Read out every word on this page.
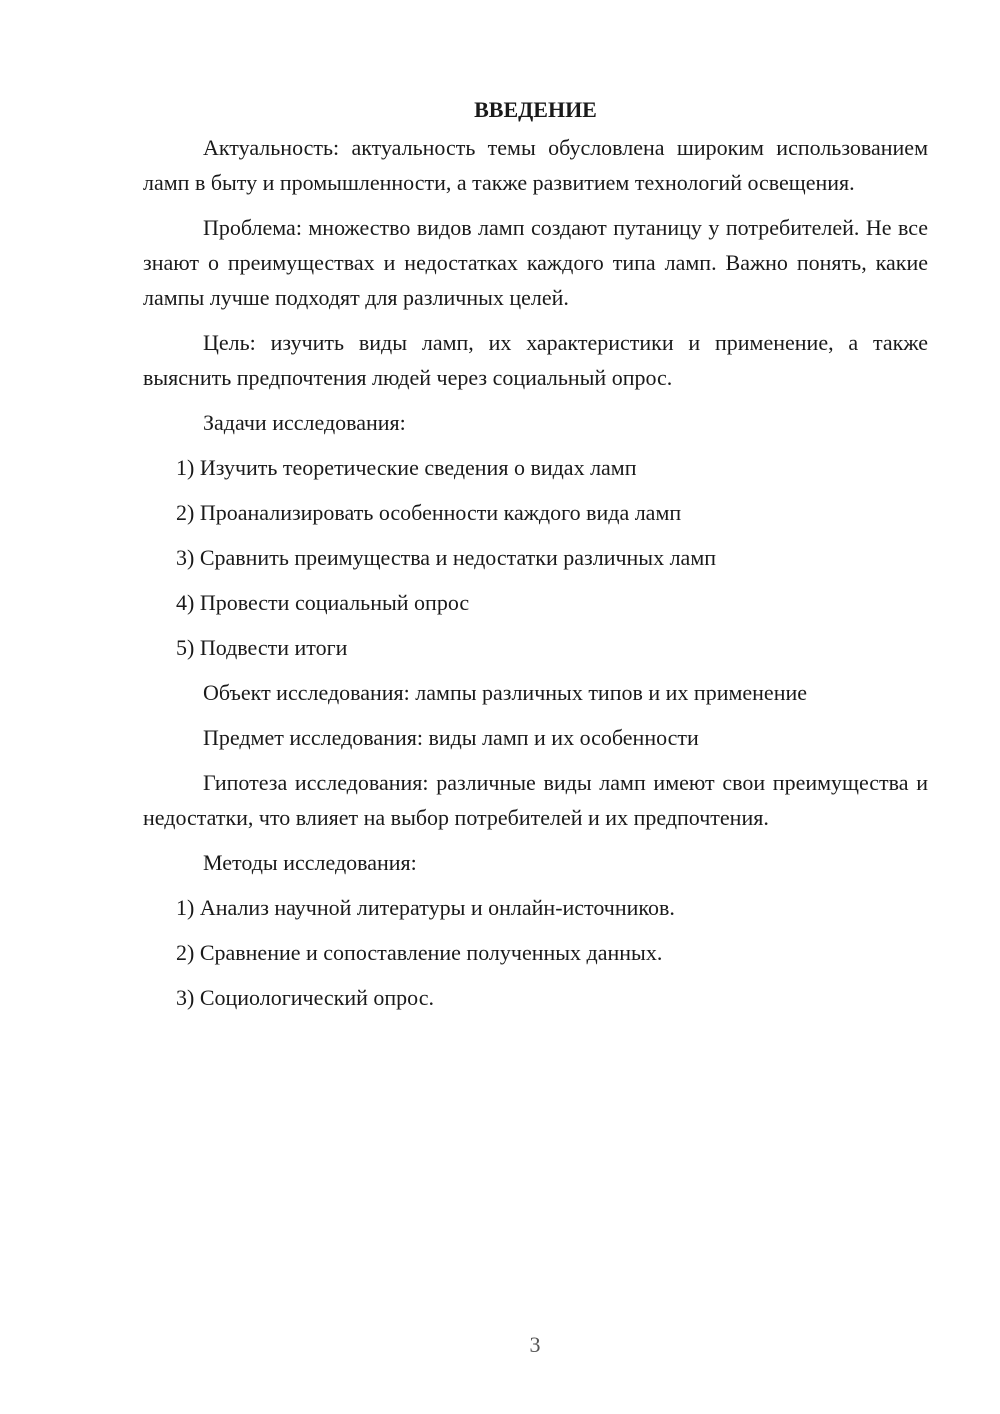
ВВЕДЕНИЕ

Актуальность: актуальность темы обусловлена широким использованием ламп в быту и промышленности, а также развитием технологий освещения.

Проблема: множество видов ламп создают путаницу у потребителей. Не все знают о преимуществах и недостатках каждого типа ламп. Важно понять, какие лампы лучше подходят для различных целей.

Цель: изучить виды ламп, их характеристики и применение, а также выяснить предпочтения людей через социальный опрос.

Задачи исследования:

1) Изучить теоретические сведения о видах ламп

2) Проанализировать особенности каждого вида ламп

3) Сравнить преимущества и недостатки различных ламп

4) Провести социальный опрос

5) Подвести итоги

Объект исследования: лампы различных типов и их применение

Предмет исследования: виды ламп и их особенности

Гипотеза исследования: различные виды ламп имеют свои преимущества и недостатки, что влияет на выбор потребителей и их предпочтения.

Методы исследования:

1) Анализ научной литературы и онлайн-источников.

2) Сравнение и сопоставление полученных данных.

3) Социологический опрос.

3
